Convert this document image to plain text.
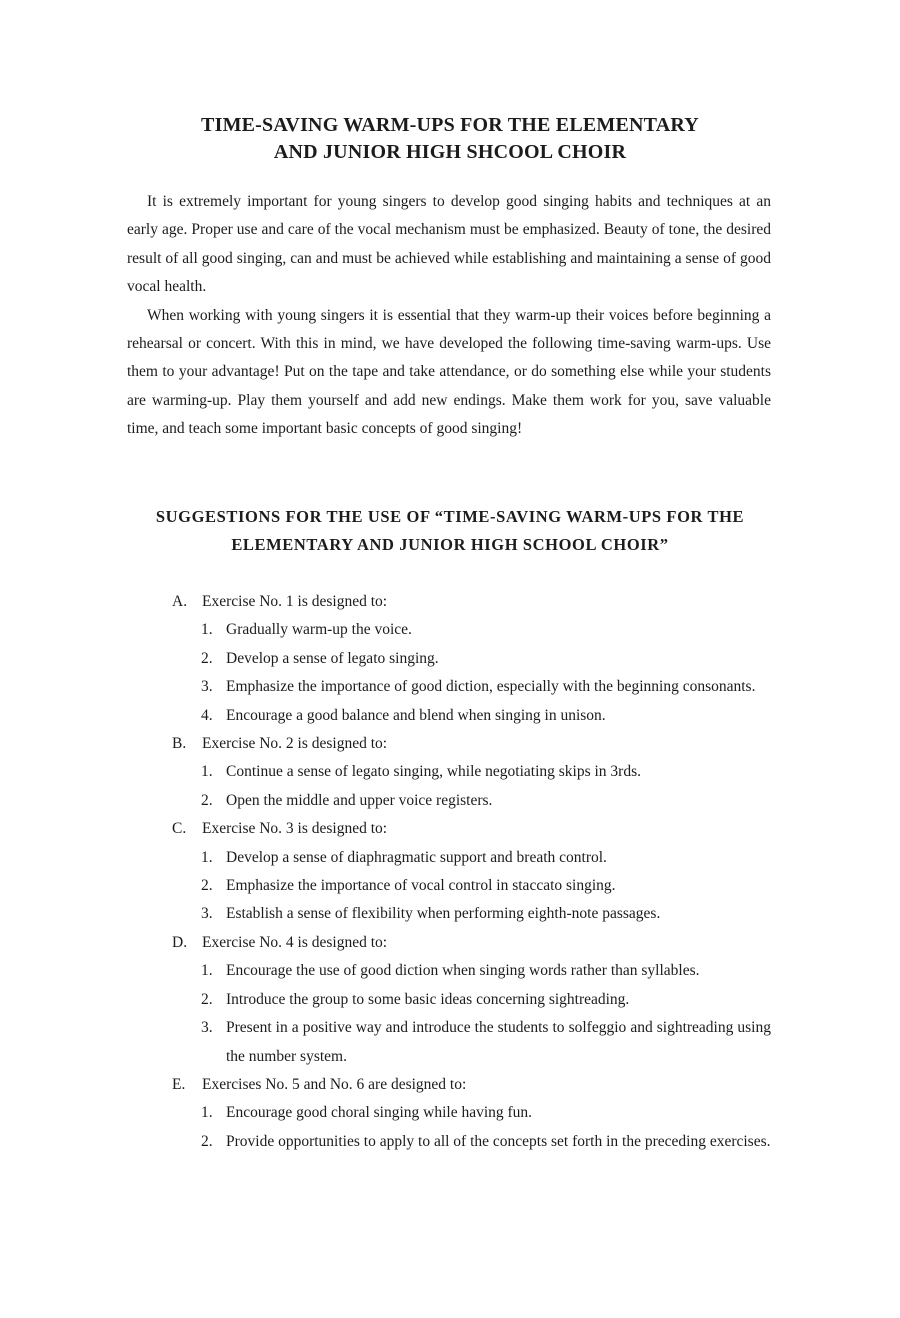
TIME-SAVING WARM-UPS FOR THE ELEMENTARY
AND JUNIOR HIGH SHCOOL CHOIR

It is extremely important for young singers to develop good singing habits and techniques at an early age. Proper use and care of the vocal mechanism must be emphasized. Beauty of tone, the desired result of all good singing, can and must be achieved while establishing and maintaining a sense of good vocal health.

When working with young singers it is essential that they warm-up their voices before beginning a rehearsal or concert. With this in mind, we have developed the following time-saving warm-ups. Use them to your advantage! Put on the tape and take attendance, or do something else while your students are warming-up. Play them yourself and add new endings. Make them work for you, save valuable time, and teach some important basic concepts of good singing!

SUGGESTIONS FOR THE USE OF “TIME-SAVING WARM-UPS FOR THE
ELEMENTARY AND JUNIOR HIGH SCHOOL CHOIR”
A. Exercise No. 1 is designed to:
1. Gradually warm-up the voice.
2. Develop a sense of legato singing.
3. Emphasize the importance of good diction, especially with the beginning consonants.
4. Encourage a good balance and blend when singing in unison.
B.	Exercise No. 2 is designed to:
1. Continue a sense of legato singing, while negotiating skips in 3rds.
2. Open the middle and upper voice registers.
C.	Exercise No. 3 is designed to:
1. Develop a sense of diaphragmatic support and breath control.
2. Emphasize the importance of vocal control in staccato singing.
3. Establish a sense of flexibility when performing eighth-note passages.
D. Exercise No. 4 is designed to:
1. Encourage the use of good diction when singing words rather than syllables.
2. Introduce the group to some basic ideas concerning sightreading.
3. Present in a positive way and introduce the students to solfeggio and sightreading using the number system.
E.	Exercises No. 5 and No. 6 are designed to:
1. Encourage good choral singing while having fun.
2. Provide opportunities to apply to all of the concepts set forth in the preceding exercises.
